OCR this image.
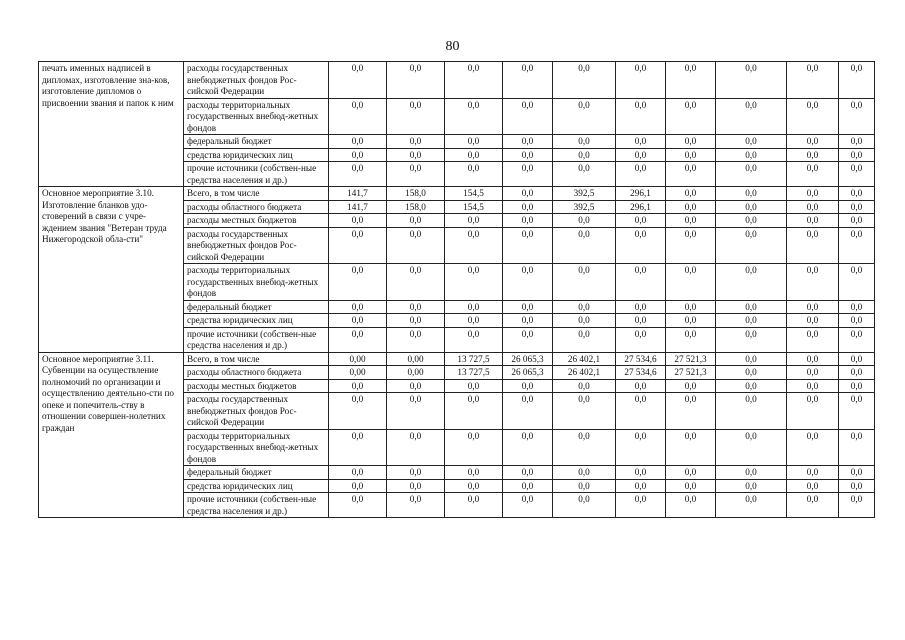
80
печать именных надписей в дипломах, изготовление зна-ков, изготовление дипломов о присвоении звания и папок к ним	расходы государственных внебюджетных фондов Рос-сийской Федерации	0,0	0,0	0,0	0,0	0,0	0,0	0,0	0,0	0,0	0,0
	расходы территориальных государственных внебюд-жетных фондов	0,0	0,0	0,0	0,0	0,0	0,0	0,0	0,0	0,0	0,0
	федеральный бюджет	0,0	0,0	0,0	0,0	0,0	0,0	0,0	0,0	0,0	0,0
	средства юридических лиц	0,0	0,0	0,0	0,0	0,0	0,0	0,0	0,0	0,0	0,0
	прочие источники (собствен-ные средства населения и др.)	0,0	0,0	0,0	0,0	0,0	0,0	0,0	0,0	0,0	0,0
Основное мероприятие 3.10. Изготовление бланков удо-стоверений в связи с учре-ждением звания "Ветеран труда Нижегородской обла-сти"	Всего, в том числе	141,7	158,0	154,5	0,0	392,5	296,1	0,0	0,0	0,0	0,0
	расходы областного бюджета	141,7	158,0	154,5	0,0	392,5	296,1	0,0	0,0	0,0	0,0
	расходы местных бюджетов	0,0	0,0	0,0	0,0	0,0	0,0	0,0	0,0	0,0	0,0
	расходы государственных внебюджетных фондов Рос-сийской Федерации	0,0	0,0	0,0	0,0	0,0	0,0	0,0	0,0	0,0	0,0
	расходы территориальных государственных внебюд-жетных фондов	0,0	0,0	0,0	0,0	0,0	0,0	0,0	0,0	0,0	0,0
	федеральный бюджет	0,0	0,0	0,0	0,0	0,0	0,0	0,0	0,0	0,0	0,0
	средства юридических лиц	0,0	0,0	0,0	0,0	0,0	0,0	0,0	0,0	0,0	0,0
	прочие источники (собствен-ные средства населения и др.)	0,0	0,0	0,0	0,0	0,0	0,0	0,0	0,0	0,0	0,0
Основное мероприятие 3.11. Субвенции на осуществление полномочий по организации и осуществлению деятельно-сти по опеке и попечитель-ству в отношении совершен-нолетних граждан	Всего, в том числе	0,00	0,00	13 727,5	26 065,3	26 402,1	27 534,6	27 521,3	0,0	0,0	0,0
	расходы областного бюджета	0,00	0,00	13 727,5	26 065,3	26 402,1	27 534,6	27 521,3	0,0	0,0	0,0
	расходы местных бюджетов	0,0	0,0	0,0	0,0	0,0	0,0	0,0	0,0	0,0	0,0
	расходы государственных внебюджетных фондов Рос-сийской Федерации	0,0	0,0	0,0	0,0	0,0	0,0	0,0	0,0	0,0	0,0
	расходы территориальных государственных внебюд-жетных фондов	0,0	0,0	0,0	0,0	0,0	0,0	0,0	0,0	0,0	0,0
	федеральный бюджет	0,0	0,0	0,0	0,0	0,0	0,0	0,0	0,0	0,0	0,0
	средства юридических лиц	0,0	0,0	0,0	0,0	0,0	0,0	0,0	0,0	0,0	0,0
	прочие источники (собствен-ные средства населения и др.)	0,0	0,0	0,0	0,0	0,0	0,0	0,0	0,0	0,0	0,0
